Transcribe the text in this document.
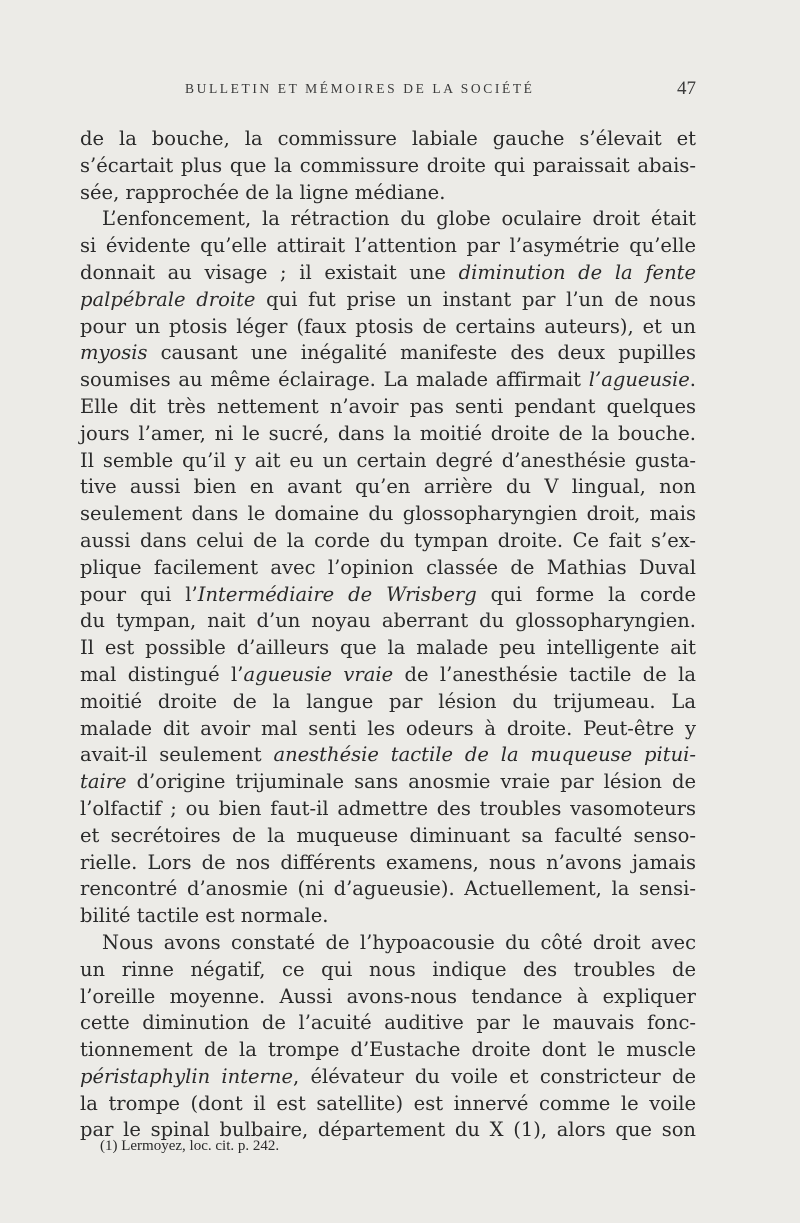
BULLETIN ET MÉMOIRES DE LA SOCIÉTÉ	47
de la bouche, la commissure labiale gauche s’élevait et
s’écartait plus que la commissure droite qui paraissait abais-
sée, rapprochée de la ligne médiane.
L’enfoncement, la rétraction du globe oculaire droit était
si évidente qu’elle attirait l’attention par l’asymétrie qu’elle
donnait au visage ; il existait une diminution de la fente
palpébrale droite qui fut prise un instant par l’un de nous
pour un ptosis léger (faux ptosis de certains auteurs), et un
myosis causant une inégalité manifeste des deux pupilles
soumises au même éclairage. La malade affirmait l’agueusie.
Elle dit très nettement n’avoir pas senti pendant quelques
jours l’amer, ni le sucré, dans la moitié droite de la bouche.
Il semble qu’il y ait eu un certain degré d’anesthésie gusta-
tive aussi bien en avant qu’en arrière du V lingual, non
seulement dans le domaine du glossopharyngien droit, mais
aussi dans celui de la corde du tympan droite. Ce fait s’ex-
plique facilement avec l’opinion classée de Mathias Duval
pour qui l’Intermédiaire de Wrisberg qui forme la corde
du tympan, nait d’un noyau aberrant du glossopharyngien.
Il est possible d’ailleurs que la malade peu intelligente ait
mal distingué l’agueusie vraie de l’anesthésie tactile de la
moitié droite de la langue par lésion du trijumeau. La
malade dit avoir mal senti les odeurs à droite. Peut-être y
avait-il seulement anesthésie tactile de la muqueuse pitui-
taire d’origine trijuminale sans anosmie vraie par lésion de
l’olfactif ; ou bien faut-il admettre des troubles vasomoteurs
et secrétoires de la muqueuse diminuant sa faculté senso-
rielle. Lors de nos différents examens, nous n’avons jamais
rencontré d’anosmie (ni d’agueusie). Actuellement, la sensi-
bilité tactile est normale.
Nous avons constaté de l’hypoacousie du côté droit avec
un rinne négatif, ce qui nous indique des troubles de
l’oreille moyenne. Aussi avons-nous tendance à expliquer
cette diminution de l’acuité auditive par le mauvais fonc-
tionnement de la trompe d’Eustache droite dont le muscle
péristaphylin interne, élévateur du voile et constricteur de
la trompe (dont il est satellite) est innervé comme le voile
par le spinal bulbaire, département du X (1), alors que son
(1) Lermoyez, loc. cit. p. 242.
